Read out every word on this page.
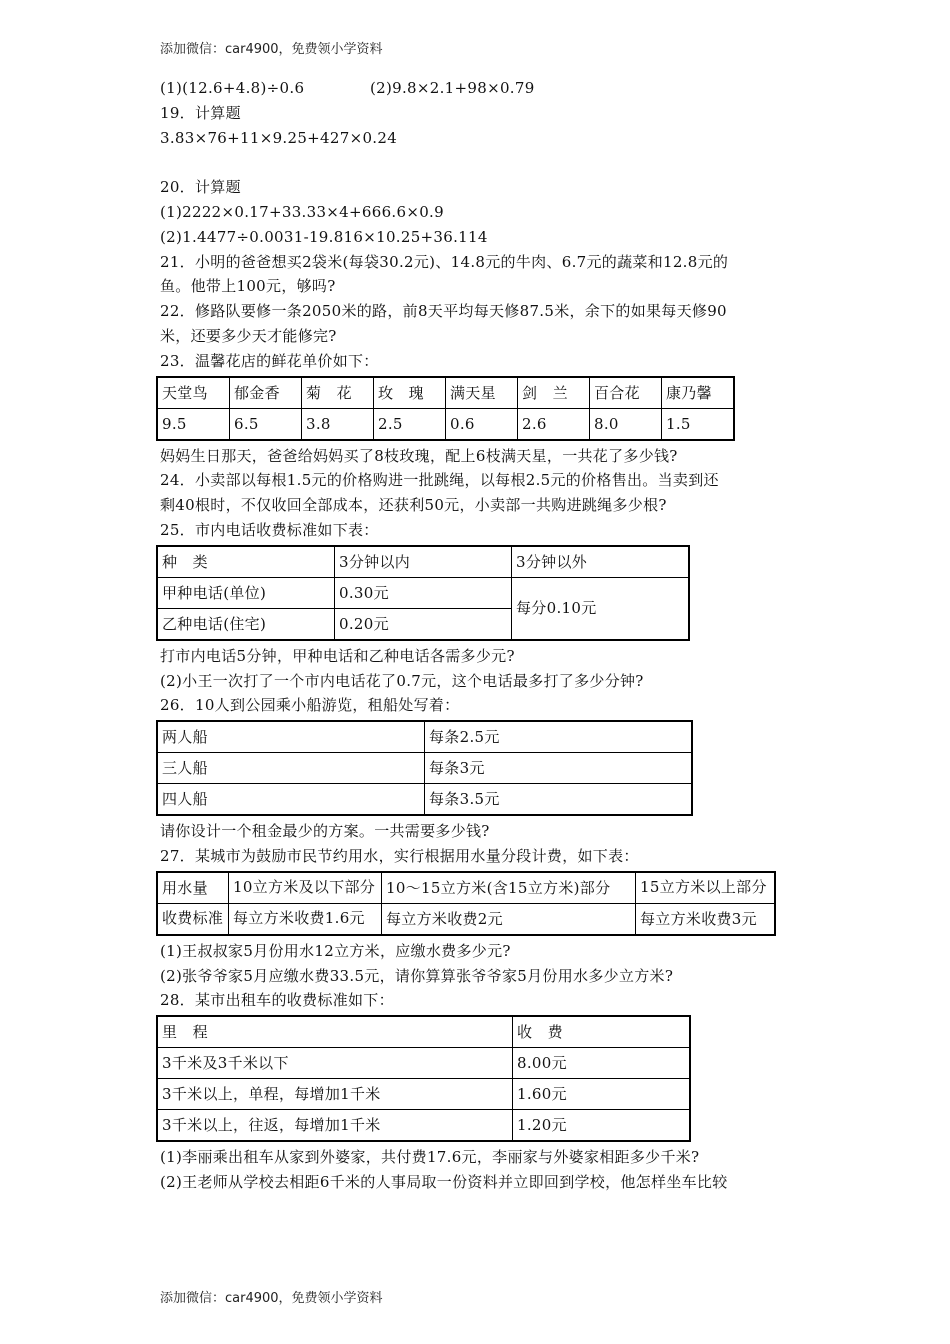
添加微信：car4900，免费领小学资料
(1)(12.6+4.8)÷0.6	(2)9.8×2.1+98×0.79
19．计算题
3.83×76+11×9.25+427×0.24
20．计算题
(1)2222×0.17+33.33×4+666.6×0.9
(2)1.4477÷0.0031-19.816×10.25+36.114
21．小明的爸爸想买2袋米(每袋30.2元)、14.8元的牛肉、6.7元的蔬菜和12.8元的
鱼。他带上100元，够吗?
22．修路队要修一条2050米的路，前8天平均每天修87.5米，余下的如果每天修90
米，还要多少天才能修完?
23．温馨花店的鲜花单价如下：
天堂鸟	郁金香	菊　花	玫　瑰	满天星	剑　兰	百合花	康乃馨
9.5	6.5	3.8	2.5	0.6	2.6	8.0	1.5
妈妈生日那天，爸爸给妈妈买了8枝玫瑰，配上6枝满天星，一共花了多少钱?
24．小卖部以每根1.5元的价格购进一批跳绳，以每根2.5元的价格售出。当卖到还
剩40根时，不仅收回全部成本，还获利50元，小卖部一共购进跳绳多少根?
25．市内电话收费标准如下表：
种　类	3分钟以内	3分钟以外
甲种电话(单位)	0.30元	每分0.10元
乙种电话(住宅)	0.20元	
打市内电话5分钟，甲种电话和乙种电话各需多少元?
(2)小王一次打了一个市内电话花了0.7元，这个电话最多打了多少分钟?
26．10人到公园乘小船游览，租船处写着：
两人船	每条2.5元
三人船	每条3元
四人船	每条3.5元
请你设计一个租金最少的方案。一共需要多少钱?
27．某城市为鼓励市民节约用水，实行根据用水量分段计费，如下表：
用水量	10立方米及以下部分	10～15立方米(含15立方米)部分	15立方米以上部分
收费标准	每立方米收费1.6元	每立方米收费2元	每立方米收费3元
(1)王叔叔家5月份用水12立方米，应缴水费多少元?
(2)张爷爷家5月应缴水费33.5元，请你算算张爷爷家5月份用水多少立方米?
28．某市出租车的收费标准如下：
里　程	收　费
3千米及3千米以下	8.00元
3千米以上，单程，每增加1千米	1.60元
3千米以上，往返，每增加1千米	1.20元
(1)李丽乘出租车从家到外婆家，共付费17.6元，李丽家与外婆家相距多少千米?
(2)王老师从学校去相距6千米的人事局取一份资料并立即回到学校，他怎样坐车比较
添加微信：car4900，免费领小学资料
